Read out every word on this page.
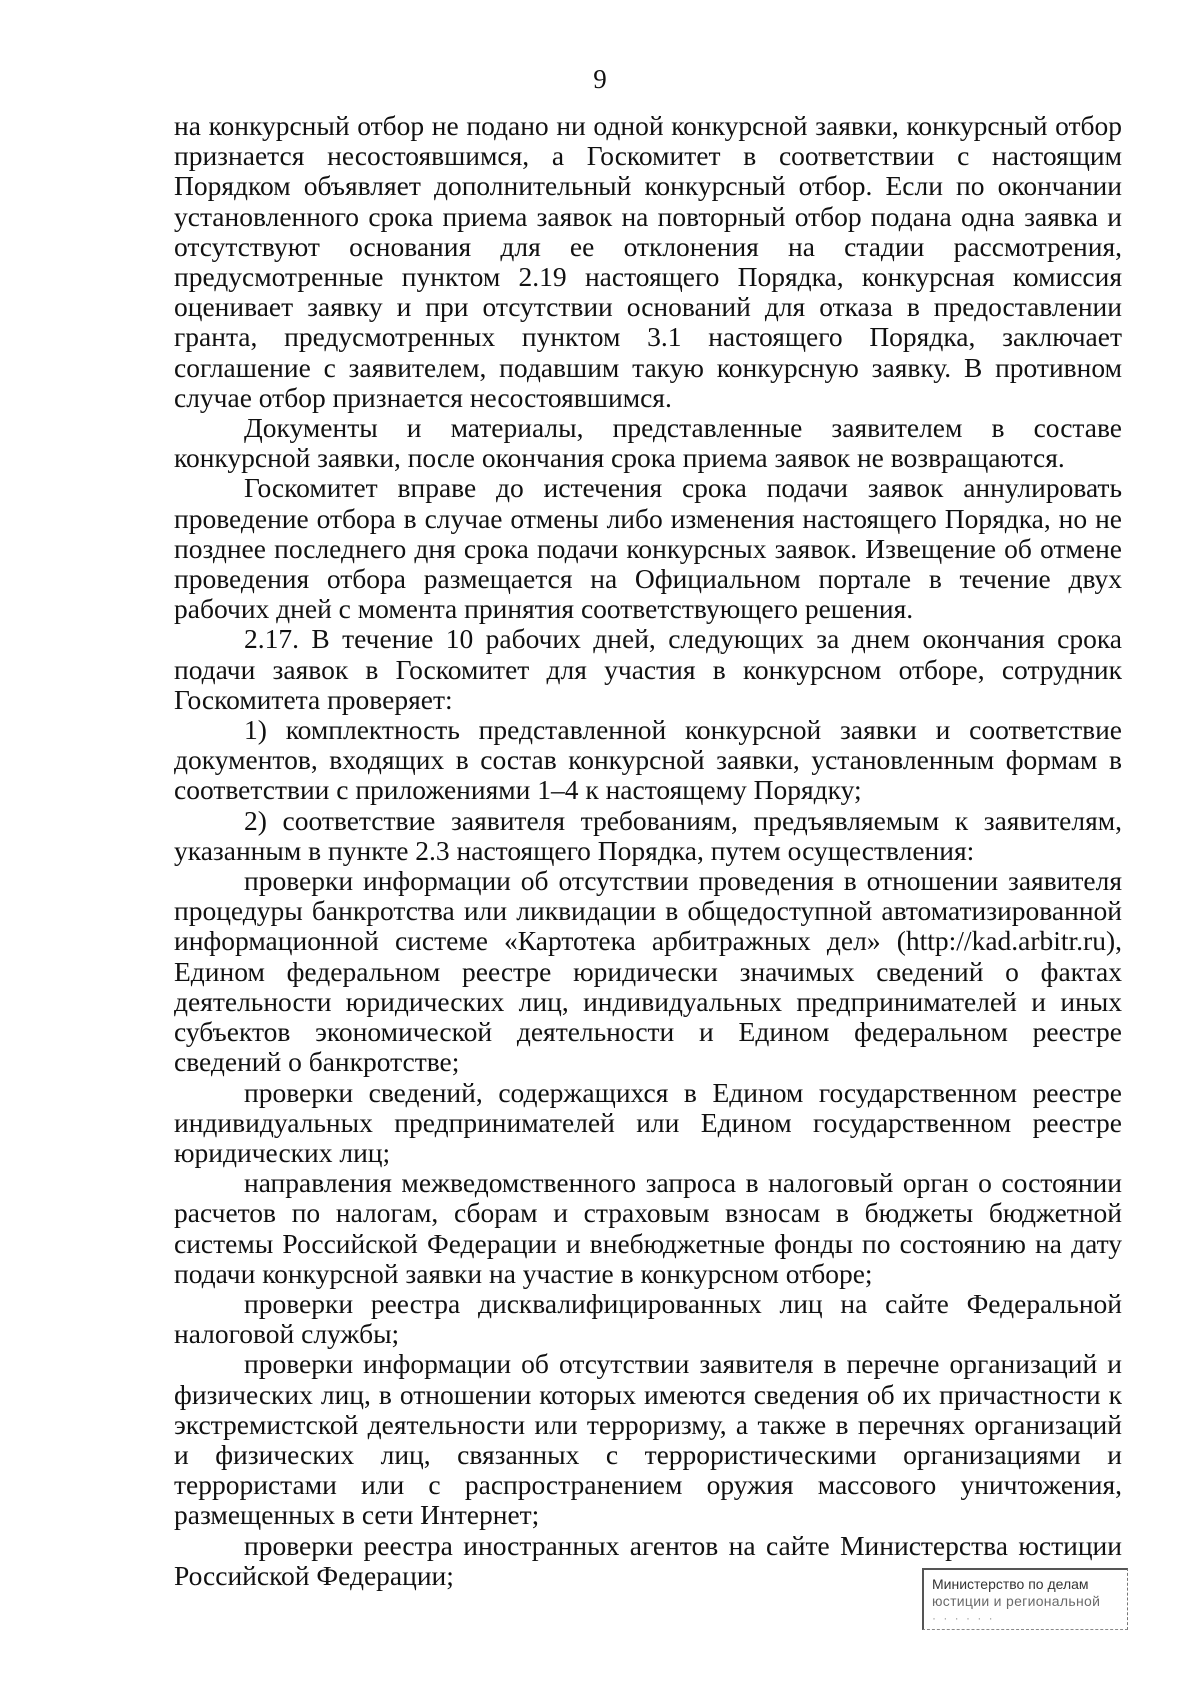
9

на конкурсный отбор не подано ни одной конкурсной заявки, конкурсный отбор признается несостоявшимся, а Госкомитет в соответствии с настоящим Порядком объявляет дополнительный конкурсный отбор. Если по окончании установленного срока приема заявок на повторный отбор подана одна заявка и отсутствуют основания для ее отклонения на стадии рассмотрения, предусмотренные пунктом 2.19 настоящего Порядка, конкурсная комиссия оценивает заявку и при отсутствии оснований для отказа в предоставлении гранта, предусмотренных пунктом 3.1 настоящего Порядка, заключает соглашение с заявителем, подавшим такую конкурсную заявку. В противном случае отбор признается несостоявшимся.

Документы и материалы, представленные заявителем в составе конкурсной заявки, после окончания срока приема заявок не возвращаются.

Госкомитет вправе до истечения срока подачи заявок аннулировать проведение отбора в случае отмены либо изменения настоящего Порядка, но не позднее последнего дня срока подачи конкурсных заявок. Извещение об отмене проведения отбора размещается на Официальном портале в течение двух рабочих дней с момента принятия соответствующего решения.

2.17. В течение 10 рабочих дней, следующих за днем окончания срока подачи заявок в Госкомитет для участия в конкурсном отборе, сотрудник Госкомитета проверяет:

1) комплектность представленной конкурсной заявки и соответствие документов, входящих в состав конкурсной заявки, установленным формам в соответствии с приложениями 1–4 к настоящему Порядку;

2) соответствие заявителя требованиям, предъявляемым к заявителям, указанным в пункте 2.3 настоящего Порядка, путем осуществления:

проверки информации об отсутствии проведения в отношении заявителя процедуры банкротства или ликвидации в общедоступной автоматизированной информационной системе «Картотека арбитражных дел» (http://kad.arbitr.ru), Едином федеральном реестре юридически значимых сведений о фактах деятельности юридических лиц, индивидуальных предпринимателей и иных субъектов экономической деятельности и Едином федеральном реестре сведений о банкротстве;

проверки сведений, содержащихся в Едином государственном реестре индивидуальных предпринимателей или Едином государственном реестре юридических лиц;

направления межведомственного запроса в налоговый орган о состоянии расчетов по налогам, сборам и страховым взносам в бюджеты бюджетной системы Российской Федерации и внебюджетные фонды по состоянию на дату подачи конкурсной заявки на участие в конкурсном отборе;

проверки реестра дисквалифицированных лиц на сайте Федеральной налоговой службы;

проверки информации об отсутствии заявителя в перечне организаций и физических лиц, в отношении которых имеются сведения об их причастности к экстремистской деятельности или терроризму, а также в перечнях организаций и физических лиц, связанных с террористическими организациями и террористами или с распространением оружия массового уничтожения, размещенных в сети Интернет;

проверки реестра иностранных агентов на сайте Министерства юстиции Российской Федерации;	Министерство по делам
юстиции и региональной
· · · · · ·
